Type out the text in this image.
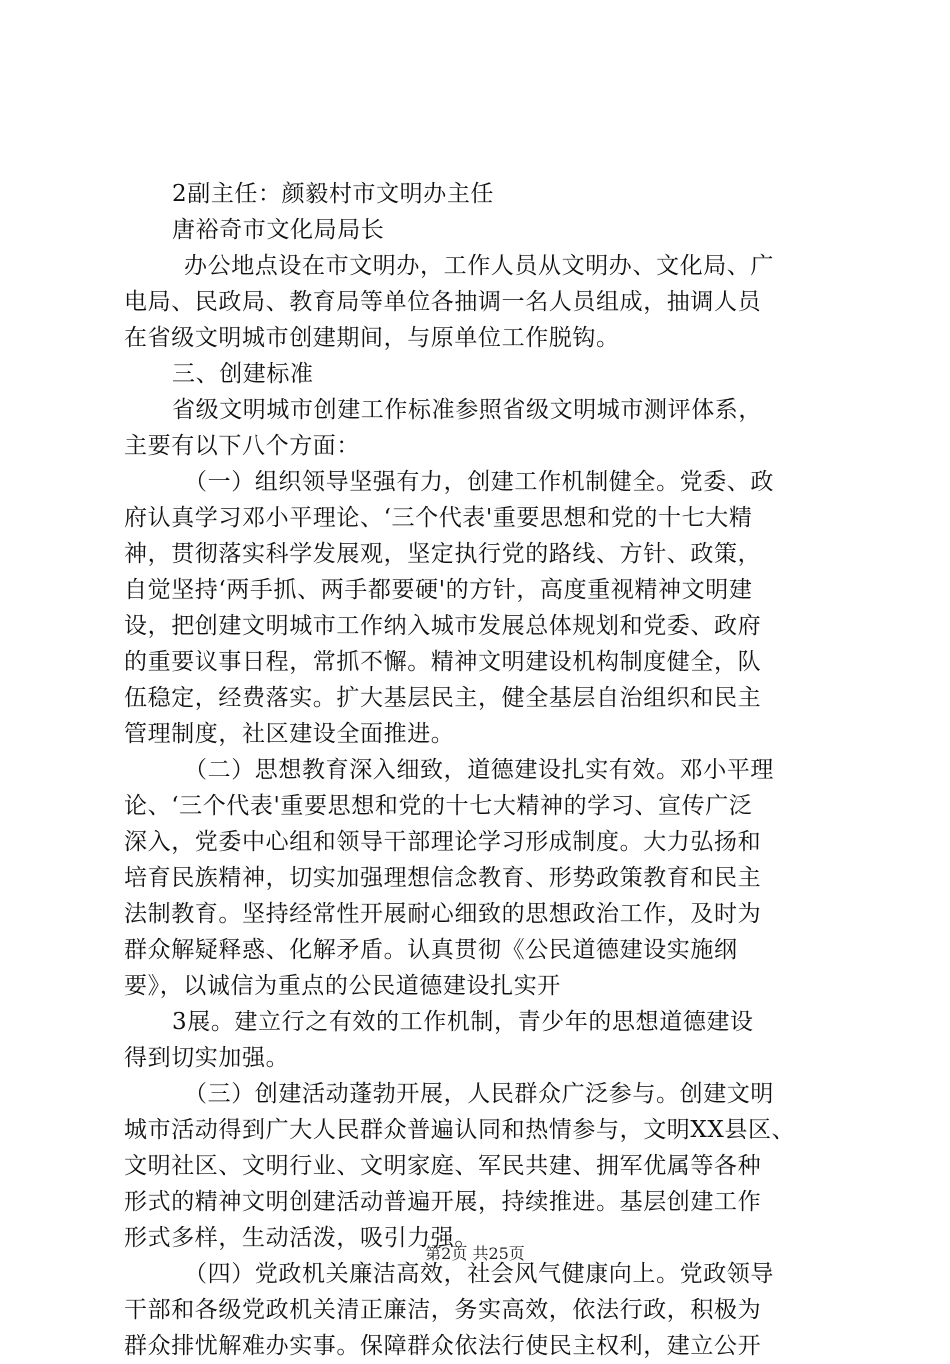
2副主任：颜毅村市文明办主任
唐裕奇市文化局局长
办公地点设在市文明办，工作人员从文明办、文化局、广
电局、民政局、教育局等单位各抽调一名人员组成，抽调人员
在省级文明城市创建期间，与原单位工作脱钩。
三、创建标准
省级文明城市创建工作标准参照省级文明城市测评体系，
主要有以下八个方面：
（一）组织领导坚强有力，创建工作机制健全。党委、政
府认真学习邓小平理论、‘三个代表'重要思想和党的十七大精
神，贯彻落实科学发展观，坚定执行党的路线、方针、政策，
自觉坚持‘两手抓、两手都要硬'的方针，高度重视精神文明建
设，把创建文明城市工作纳入城市发展总体规划和党委、政府
的重要议事日程，常抓不懈。精神文明建设机构制度健全，队
伍稳定，经费落实。扩大基层民主，健全基层自治组织和民主
管理制度，社区建设全面推进。
（二）思想教育深入细致，道德建设扎实有效。邓小平理
论、‘三个代表'重要思想和党的十七大精神的学习、宣传广泛
深入，党委中心组和领导干部理论学习形成制度。大力弘扬和
培育民族精神，切实加强理想信念教育、形势政策教育和民主
法制教育。坚持经常性开展耐心细致的思想政治工作，及时为
群众解疑释惑、化解矛盾。认真贯彻《公民道德建设实施纲
要》，以诚信为重点的公民道德建设扎实开
3展。建立行之有效的工作机制，青少年的思想道德建设
得到切实加强。
（三）创建活动蓬勃开展，人民群众广泛参与。创建文明
城市活动得到广大人民群众普遍认同和热情参与，文明XX县区、
文明社区、文明行业、文明家庭、军民共建、拥军优属等各种
形式的精神文明创建活动普遍开展，持续推进。基层创建工作
形式多样，生动活泼，吸引力强。
（四）党政机关廉洁高效，社会风气健康向上。党政领导
干部和各级党政机关清正廉洁，务实高效，依法行政，积极为
群众排忧解难办实事。保障群众依法行使民主权利，建立公开
第2页 共25页
